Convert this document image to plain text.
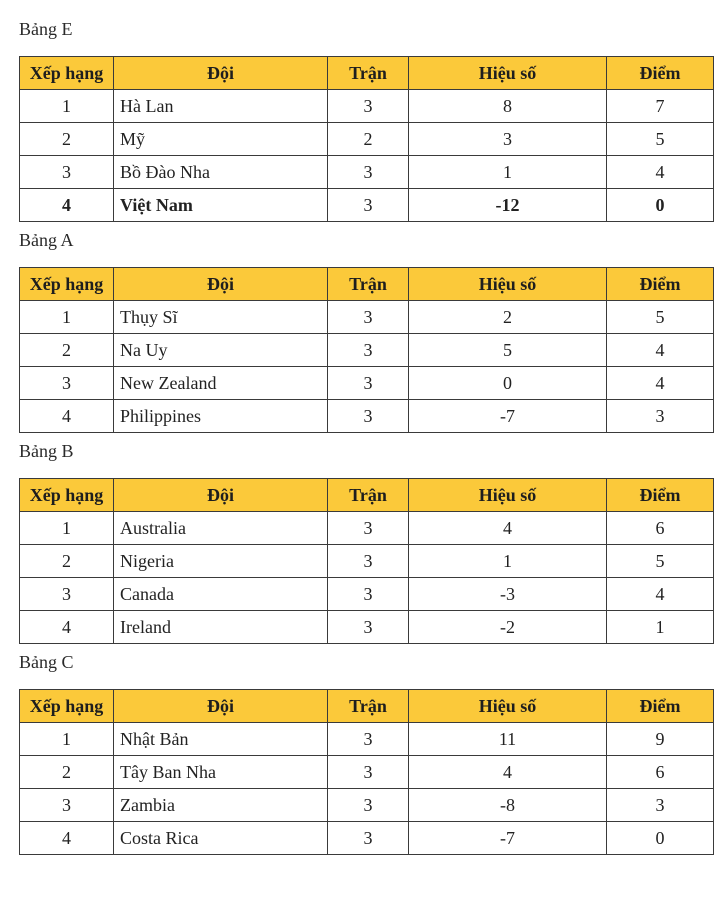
Bảng E
Xếp hạng	Đội	Trận	Hiệu số	Điểm
1	Hà Lan	3	8	7
2	Mỹ	2	3	5
3	Bồ Đào Nha	3	1	4
4	Việt Nam	3	-12	0
Bảng A
Xếp hạng	Đội	Trận	Hiệu số	Điểm
1	Thụy Sĩ	3	2	5
2	Na Uy	3	5	4
3	New Zealand	3	0	4
4	Philippines	3	-7	3
Bảng B
Xếp hạng	Đội	Trận	Hiệu số	Điểm
1	Australia	3	4	6
2	Nigeria	3	1	5
3	Canada	3	-3	4
4	Ireland	3	-2	1
Bảng C
Xếp hạng	Đội	Trận	Hiệu số	Điểm
1	Nhật Bản	3	11	9
2	Tây Ban Nha	3	4	6
3	Zambia	3	-8	3
4	Costa Rica	3	-7	0
